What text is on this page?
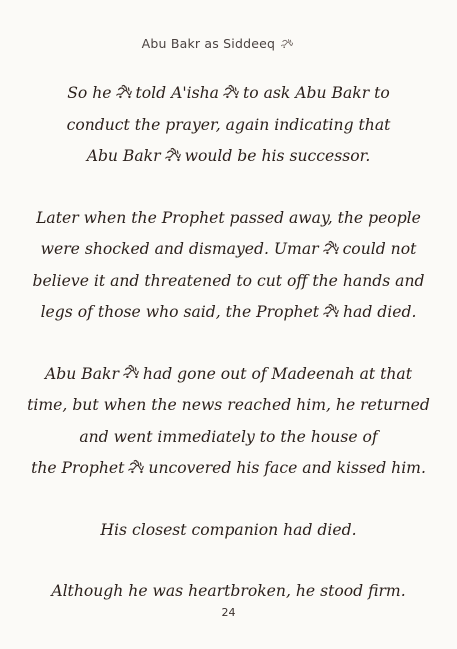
Abu Bakr as Siddeeq

So he told A'isha to ask Abu Bakr to
conduct the prayer, again indicating that
Abu Bakr would be his successor.

Later when the Prophet passed away, the people
were shocked and dismayed. Umar could not
believe it and threatened to cut off the hands and
legs of those who said, the Prophet had died.

Abu Bakr had gone out of Madeenah at that
time, but when the news reached him, he returned
and went immediately to the house of
the Prophet uncovered his face and kissed him.

His closest companion had died.

Although he was heartbroken, he stood firm.

24
